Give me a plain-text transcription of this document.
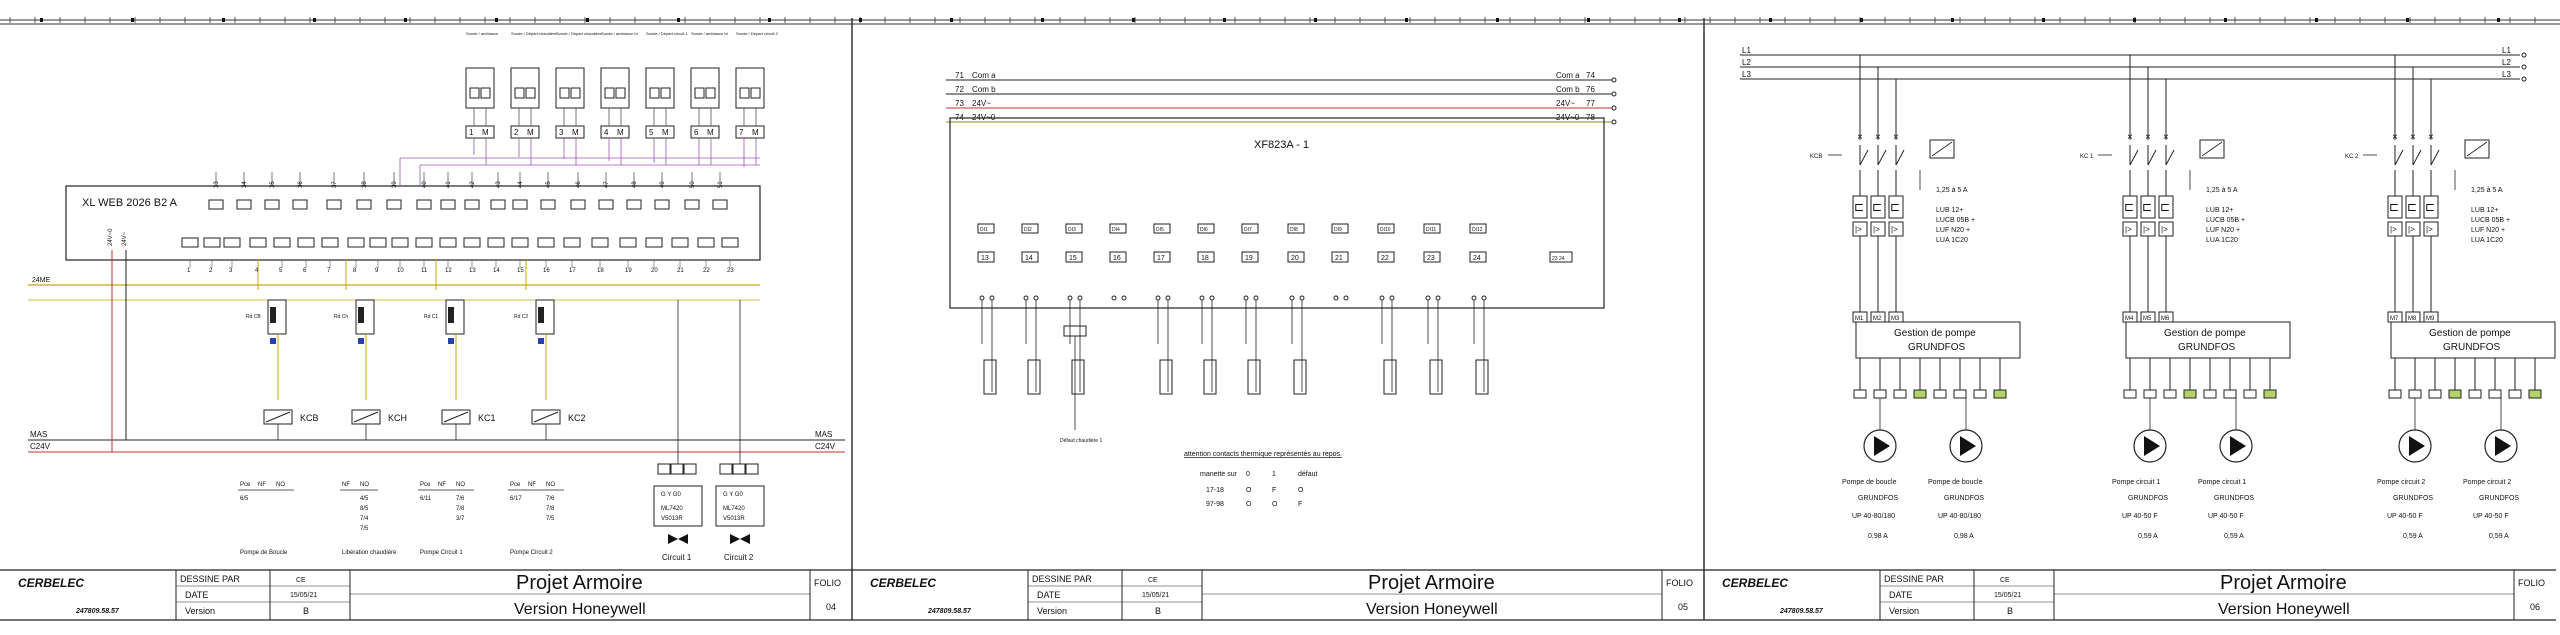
XL WEB 2026 B2 A
33	34	35	36	37	38	39	40	41	42	43	44	45	46	47	48	49	50	51
1	2	3	4	5	6	7	8	9	10	11	12	13	14	15	16	17	18	19	20	21	22	23
24V~0 24V~
Sonde / ambiance
1 M
Sonde / Départ chaudière
2 M
Sonde / Départ chaudière
3 M
Sonde / ambiance bt
4 M
Sonde / Départ circuit 1
5 M
Sonde / ambiance bt
6 M
Sonde / Départ circuit 2
7 M
24ME
MAS	MAS
C24V	C24V
Rd CB
KCB
Rd Ch
KCH
Rd C1
KC1
Rd C2
KC2
G Y G0
ML7420
V5013R
Circuit 1
G Y G0
ML7420
V5013R
Circuit 2
Pce NF NO
6/5
Pompe de Boucle
NF NO
4/5
8/5
7/4
7/5
Libération chaudière
Pce NF NO
6/11	7/6
7/8
3/7
Pompe Circuit 1
Pce NF NO
6/17	7/6
7/8
7/5
Pompe Circuit 2
71 Com a	Com a 74
72 Com b	Com b 76
73 24V~	24V~ 77
74 24V~0	24V~0 78
XF823A - 1
DI1
13
DI2
14
DI3
15
DI4
16
DI5
17
DI6
18
DI7
19
DI8
20
DI9
21
DI10
22
DI11
23
DI12
24	23 24
Défaut chaudière 1
attention contacts thermique représentés au repos.
manette sur 0	1	défaut
17-18	O	F	O
97-98	O	O	F
L1	L1
L2	L2
L3	L3
KCB
×
⊏
|>
M1
×
⊏
|>
M2
×
⊏
|>
M3
1,25 à 5 A
LUB 12+
LUCB 05B +
LUF N20 +
LUA 1C20
Gestion de pompe
GRUNDFOS
Pompe de boucle
GRUNDFOS
UP 40-80/180
0,98 A
Pompe de boucle
GRUNDFOS
UP 40-80/180
0,98 A
KC 1
×
⊏
|>
M4
×
⊏
|>
M5
×
⊏
|>
M6
1,25 à 5 A
LUB 12+
LUCB 05B +
LUF N20 +
LUA 1C20
Gestion de pompe
GRUNDFOS
Pompe circuit 1
GRUNDFOS
UP 40-50 F
0,59 A
Pompe circuit 1
GRUNDFOS
UP 40-50 F
0,59 A
KC 2
×
⊏
|>
M7
×
⊏
|>
M8
×
⊏
|>
M9
1,25 à 5 A
LUB 12+
LUCB 05B +
LUF N20 +
LUA 1C20
Gestion de pompe
GRUNDFOS
Pompe circuit 2
GRUNDFOS
UP 40-50 F
0,59 A
Pompe circuit 2
GRUNDFOS
UP 40-50 F
0,59 A
CERBELEC
247809.58.57
DESSINE PAR
DATE
Version
CE
15/05/21
B
Projet Armoire
Version Honeywell
FOLIO
04
CERBELEC
247809.58.57
DESSINE PAR
DATE
Version
CE
15/05/21
B
Projet Armoire
Version Honeywell
FOLIO
05
CERBELEC
247809.58.57
DESSINE PAR
DATE
Version
CE
15/05/21
B
Projet Armoire
Version Honeywell
FOLIO
06
